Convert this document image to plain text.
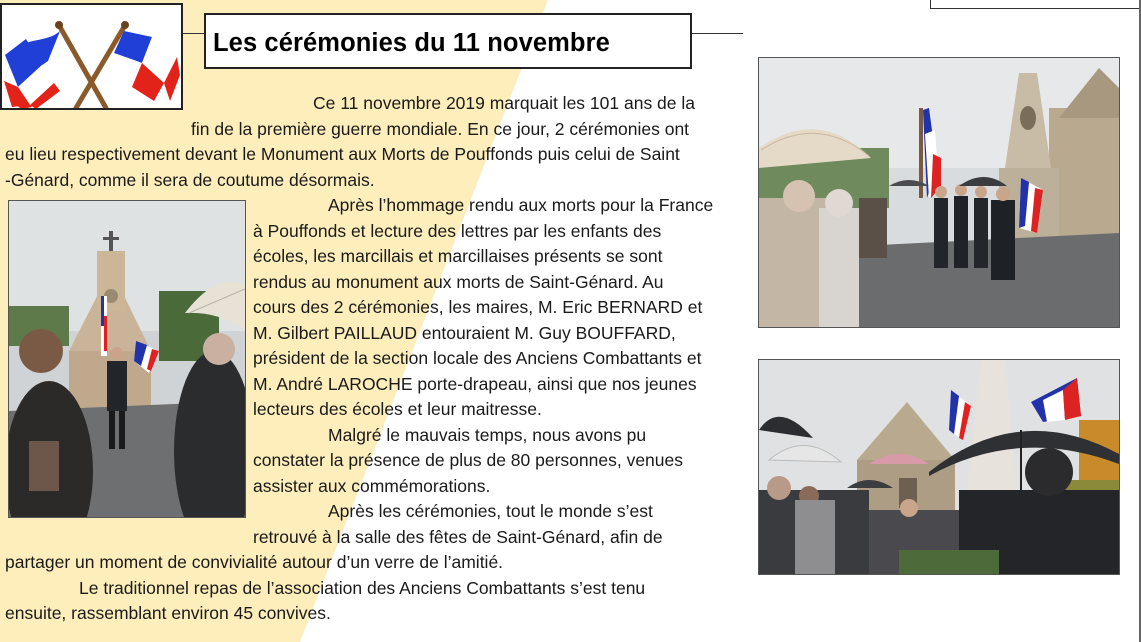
Les cérémonies du 11 novembre
Ce 11 novembre 2019 marquait les 101 ans de la
fin de la première guerre mondiale. En ce jour, 2 cérémonies ont
eu lieu respectivement devant le Monument aux Morts de Pouffonds puis celui de Saint
-Génard, comme il sera de coutume désormais.
Après l’hommage rendu aux morts pour la France
à Pouffonds et lecture des lettres par les enfants des
écoles, les marcillais et marcillaises présents se sont
rendus au monument aux morts de Saint-Génard. Au
cours des 2 cérémonies, les maires, M. Eric BERNARD et
M. Gilbert PAILLAUD entouraient M. Guy BOUFFARD,
président de la section locale des Anciens Combattants et
M. André LAROCHE porte-drapeau, ainsi que nos jeunes
lecteurs des écoles et leur maitresse.
Malgré le mauvais temps, nous avons pu
constater la présence de plus de 80 personnes, venues
assister aux commémorations.
Après les cérémonies, tout le monde s’est
retrouvé à la salle des fêtes de Saint-Génard, afin de
partager un moment de convivialité autour d’un verre de l’amitié.
Le traditionnel repas de l’association des Anciens Combattants s’est tenu
ensuite, rassemblant environ 45 convives.
